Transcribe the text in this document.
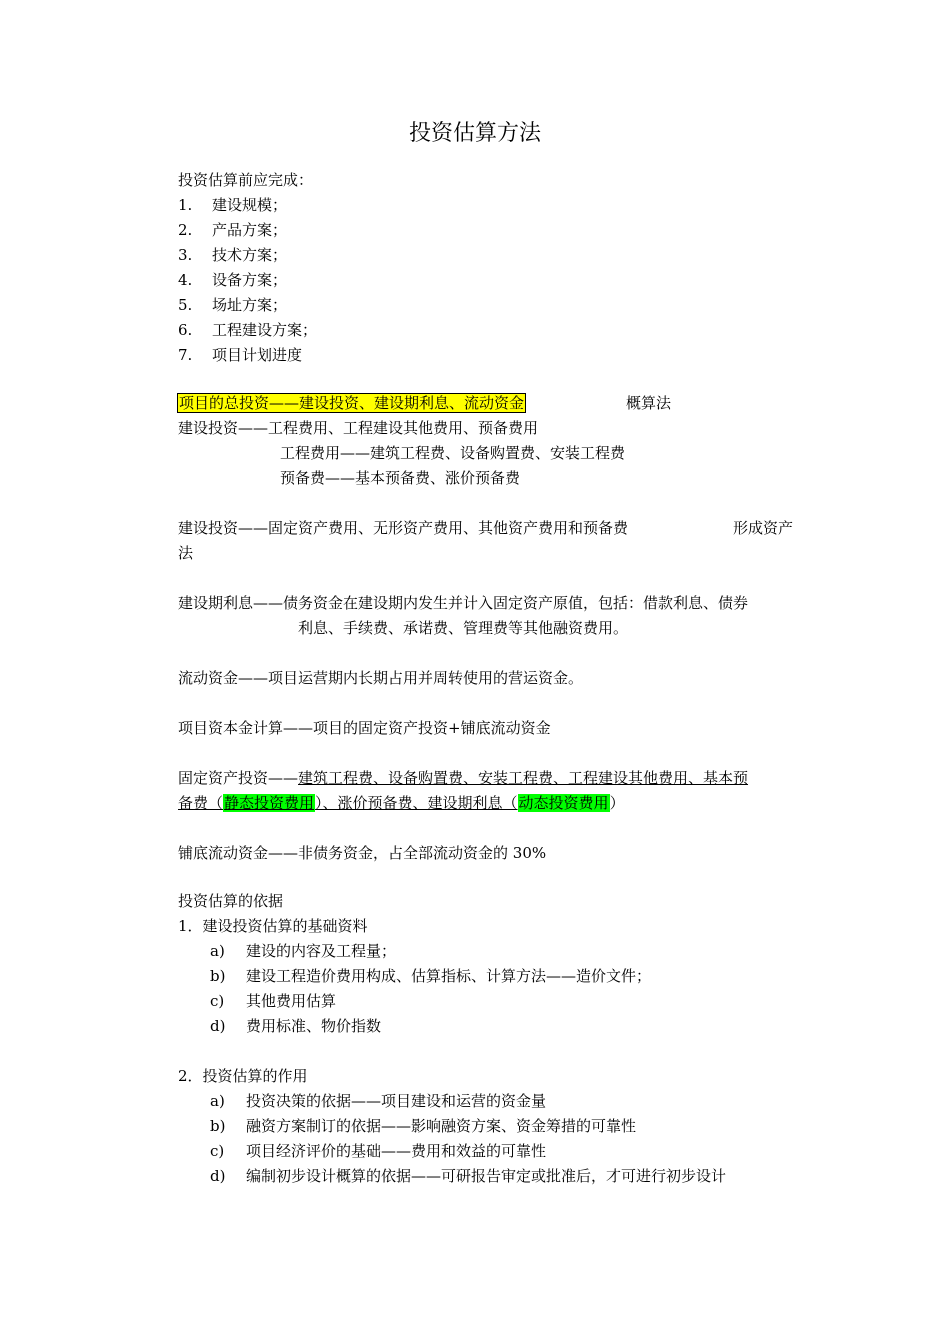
投资估算方法
投资估算前应完成：
1. 建设规模；
2. 产品方案；
3. 技术方案；
4. 设备方案；
5. 场址方案；
6. 工程建设方案；
7. 项目计划进度
项目的总投资——建设投资、建设期利息、流动资金	概算法
建设投资——工程费用、工程建设其他费用、预备费用
工程费用——建筑工程费、设备购置费、安装工程费
预备费——基本预备费、涨价预备费
建设投资——固定资产费用、无形资产费用、其他资产费用和预备费	形成资产
法
建设期利息——债务资金在建设期内发生并计入固定资产原值，包括：借款利息、债券
利息、手续费、承诺费、管理费等其他融资费用。
流动资金——项目运营期内长期占用并周转使用的营运资金。
项目资本金计算——项目的固定资产投资+铺底流动资金
固定资产投资——建筑工程费、设备购置费、安装工程费、工程建设其他费用、基本预
备费（静态投资费用）、涨价预备费、建设期利息（动态投资费用）
铺底流动资金——非债务资金，占全部流动资金的 30%
投资估算的依据
1．建设投资估算的基础资料
a) 建设的内容及工程量；
b) 建设工程造价费用构成、估算指标、计算方法——造价文件；
c) 其他费用估算
d) 费用标准、物价指数
2．投资估算的作用
a) 投资决策的依据——项目建设和运营的资金量
b) 融资方案制订的依据——影响融资方案、资金筹措的可靠性
c) 项目经济评价的基础——费用和效益的可靠性
d) 编制初步设计概算的依据——可研报告审定或批准后，才可进行初步设计
